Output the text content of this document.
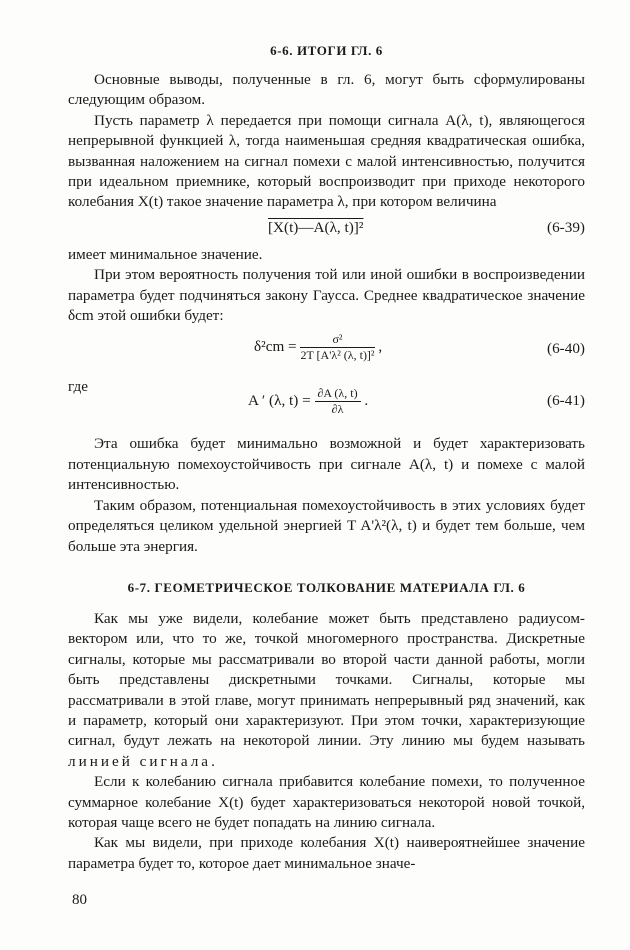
6-6. ИТОГИ ГЛ. 6

Основные выводы, полученные в гл. 6, могут быть сформулированы следующим образом.

Пусть параметр λ передается при помощи сигнала A(λ, t), являющегося непрерывной функцией λ, тогда наименьшая средняя квадратическая ошибка, вызванная наложением на сигнал помехи с малой интенсивностью, получится при идеальном приемнике, который воспроизводит при приходе некоторого колебания X(t) такое значение параметра λ, при котором величина

[X(t)—A(λ, t)]²	(6-39)

имеет минимальное значение.

При этом вероятность получения той или иной ошибки в воспроизведении параметра будет подчиняться закону Гаусса. Среднее квадратическое значение δcm этой ошибки будет:

$\delta^2cm = \frac{\text{σ²}}{\text{2T [A'λ² (λ, t)]²}}$ ,	(6-40)
где
A ′ (λ, $t) = \frac{\partial A (\lambda, t)}{\partial\lambda}$ .	(6-41)

Эта ошибка будет минимально возможной и будет характеризовать потенциальную помехоустойчивость при сигнале A(λ, t) и помехе с малой интенсивностью.

Таким образом, потенциальная помехоустойчивость в этих условиях будет определяться целиком удельной энергией T A'λ²(λ, t) и будет тем больше, чем больше эта энергия.

6-7. ГЕОМЕТРИЧЕСКОЕ ТОЛКОВАНИЕ МАТЕРИАЛА ГЛ. 6

Как мы уже видели, колебание может быть представлено радиусом-вектором или, что то же, точкой многомерного пространства. Дискретные сигналы, которые мы рассматривали во второй части данной работы, могли быть представлены дискретными точками. Сигналы, которые мы рассматривали в этой главе, могут принимать непрерывный ряд значений, как и параметр, который они характеризуют. При этом точки, характеризующие сигнал, будут лежать на некоторой линии. Эту линию мы будем называть линией сигнала.

Если к колебанию сигнала прибавится колебание помехи, то полученное суммарное колебание X(t) будет характеризоваться некоторой новой точкой, которая чаще всего не будет попадать на линию сигнала.

Как мы видели, при приходе колебания X(t) наивероятнейшее значение параметра будет то, которое дает минимальное значе-

80
